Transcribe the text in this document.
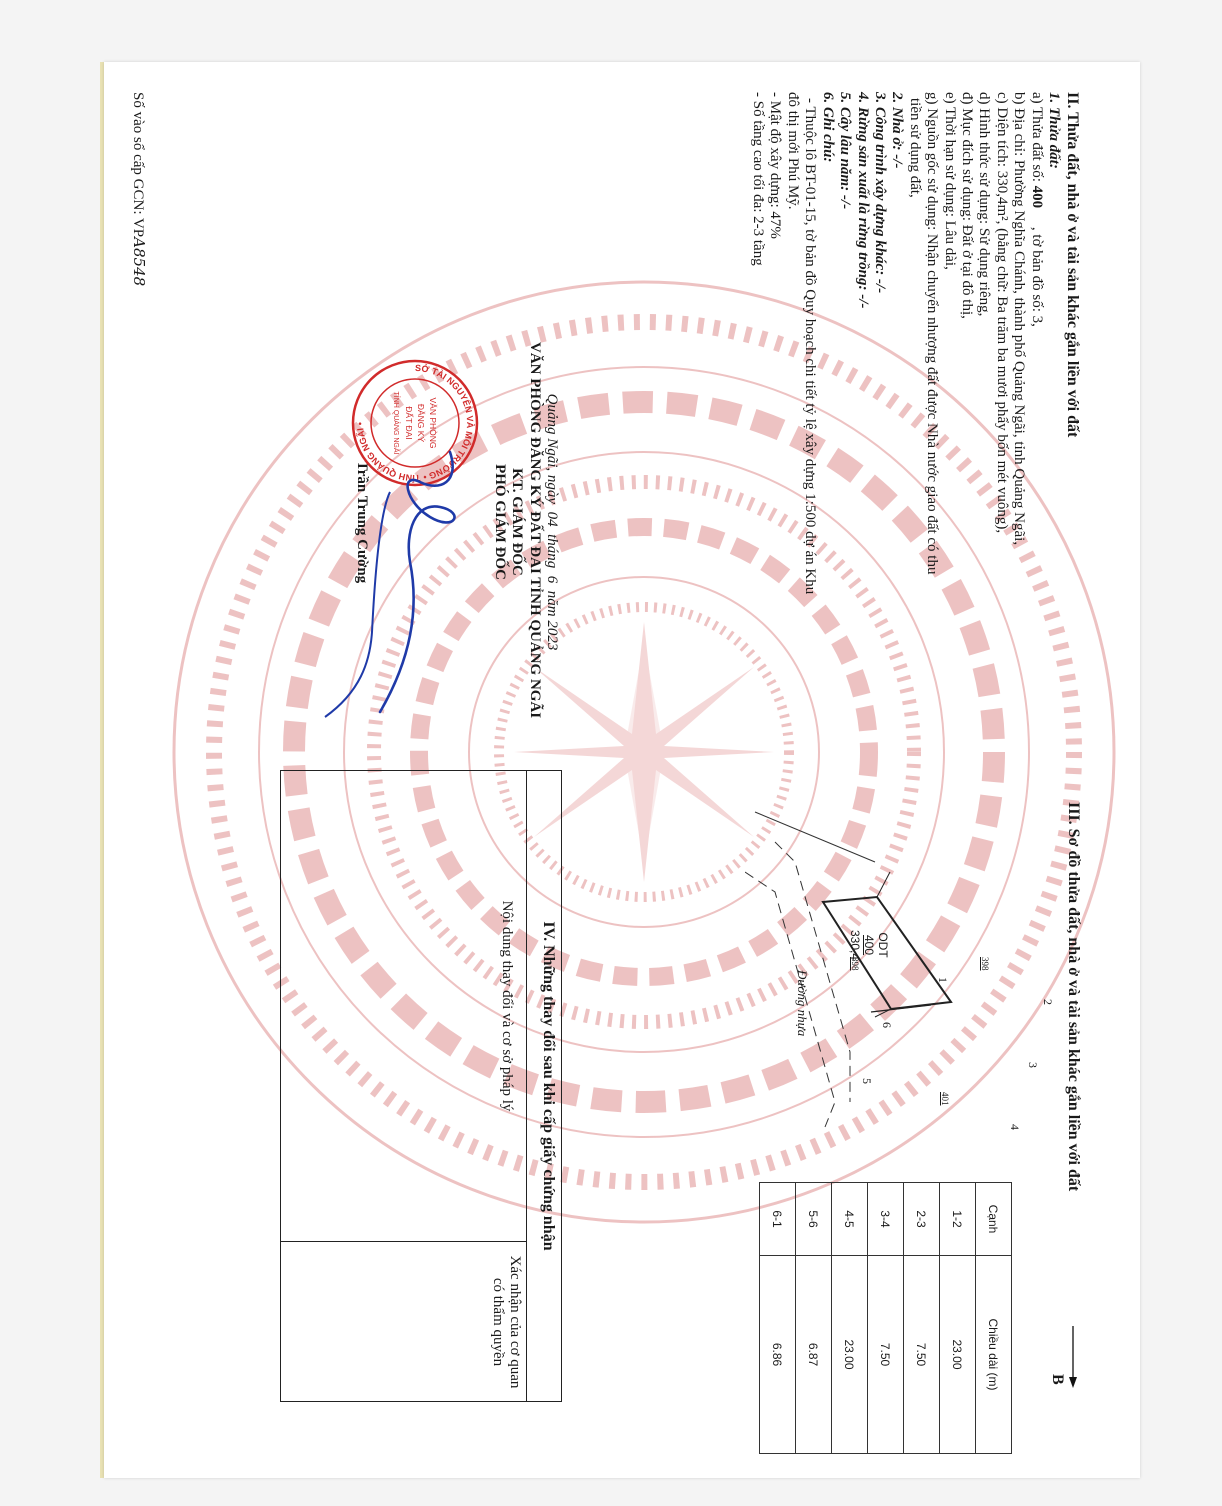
II. Thửa đất, nhà ở và tài sản khác gắn liền với đất
1. Thửa đất:
a) Thửa đất số: 400     , tờ bản đồ số: 3,
b) Địa chỉ: Phường Nghĩa Chánh, thành phố Quảng Ngãi, tỉnh Quảng Ngãi,
c) Diện tích: 330,4m², (bằng chữ: Ba trăm ba mươi phẩy bốn mét vuông),
d) Hình thức sử dụng: Sử dụng riêng,
đ) Mục đích sử dụng: Đất ở tại đô thị,
e) Thời hạn sử dụng: Lâu dài,
g) Nguồn gốc sử dụng: Nhận chuyển nhượng đất được Nhà nước giao đất có thu
tiền sử dụng đất,
2. Nhà ở: -/-
3. Công trình xây dựng khác: -/-
4. Rừng sản xuất là rừng trồng: -/-
5. Cây lâu năm: -/-
6. Ghi chú:
- Thuộc lô BT-01-15, tờ bản đồ Quy hoạch chi tiết tỷ lệ xây dựng 1:500 dự án Khu
đô thị mới Phú Mỹ.
- Mật độ xây dựng: 47%
- Số tầng cao tối đa: 2-3 tầng
Quảng Ngãi, ngày  04  tháng  6  năm 2023
VĂN PHÒNG ĐĂNG KÝ ĐẤT ĐAI TỈNH QUẢNG NGÃI
KT. GIÁM ĐỐC
PHÓ GIÁM ĐỐC
Trần Trung Cường
SỞ TÀI NGUYÊN VÀ MÔI TRƯỜNG • TỈNH QUẢNG NGÃI •	VĂN PHÒNG
ĐĂNG KÝ
ĐẤT ĐAI
TỈNH QUẢNG NGÃI
Số vào sổ cấp GCN: VPA8548
III. Sơ đồ thửa đất, nhà ở và tài sản khác gắn liền với đất
B
ODT
400
330,4
398
401
398
Đường nhựa	1
2
3
4
5
6
Cạnh	Chiều dài (m)
1-2	23.00
2-3	7.50
3-4	7.50
4-5	23.00
5-6	6.87
6-1	6.86
IV. Những thay đổi sau khi cấp giấy chứng nhận
Nội dung thay đổi và cơ sở pháp lý
Xác nhận của cơ quan
có thẩm quyền
